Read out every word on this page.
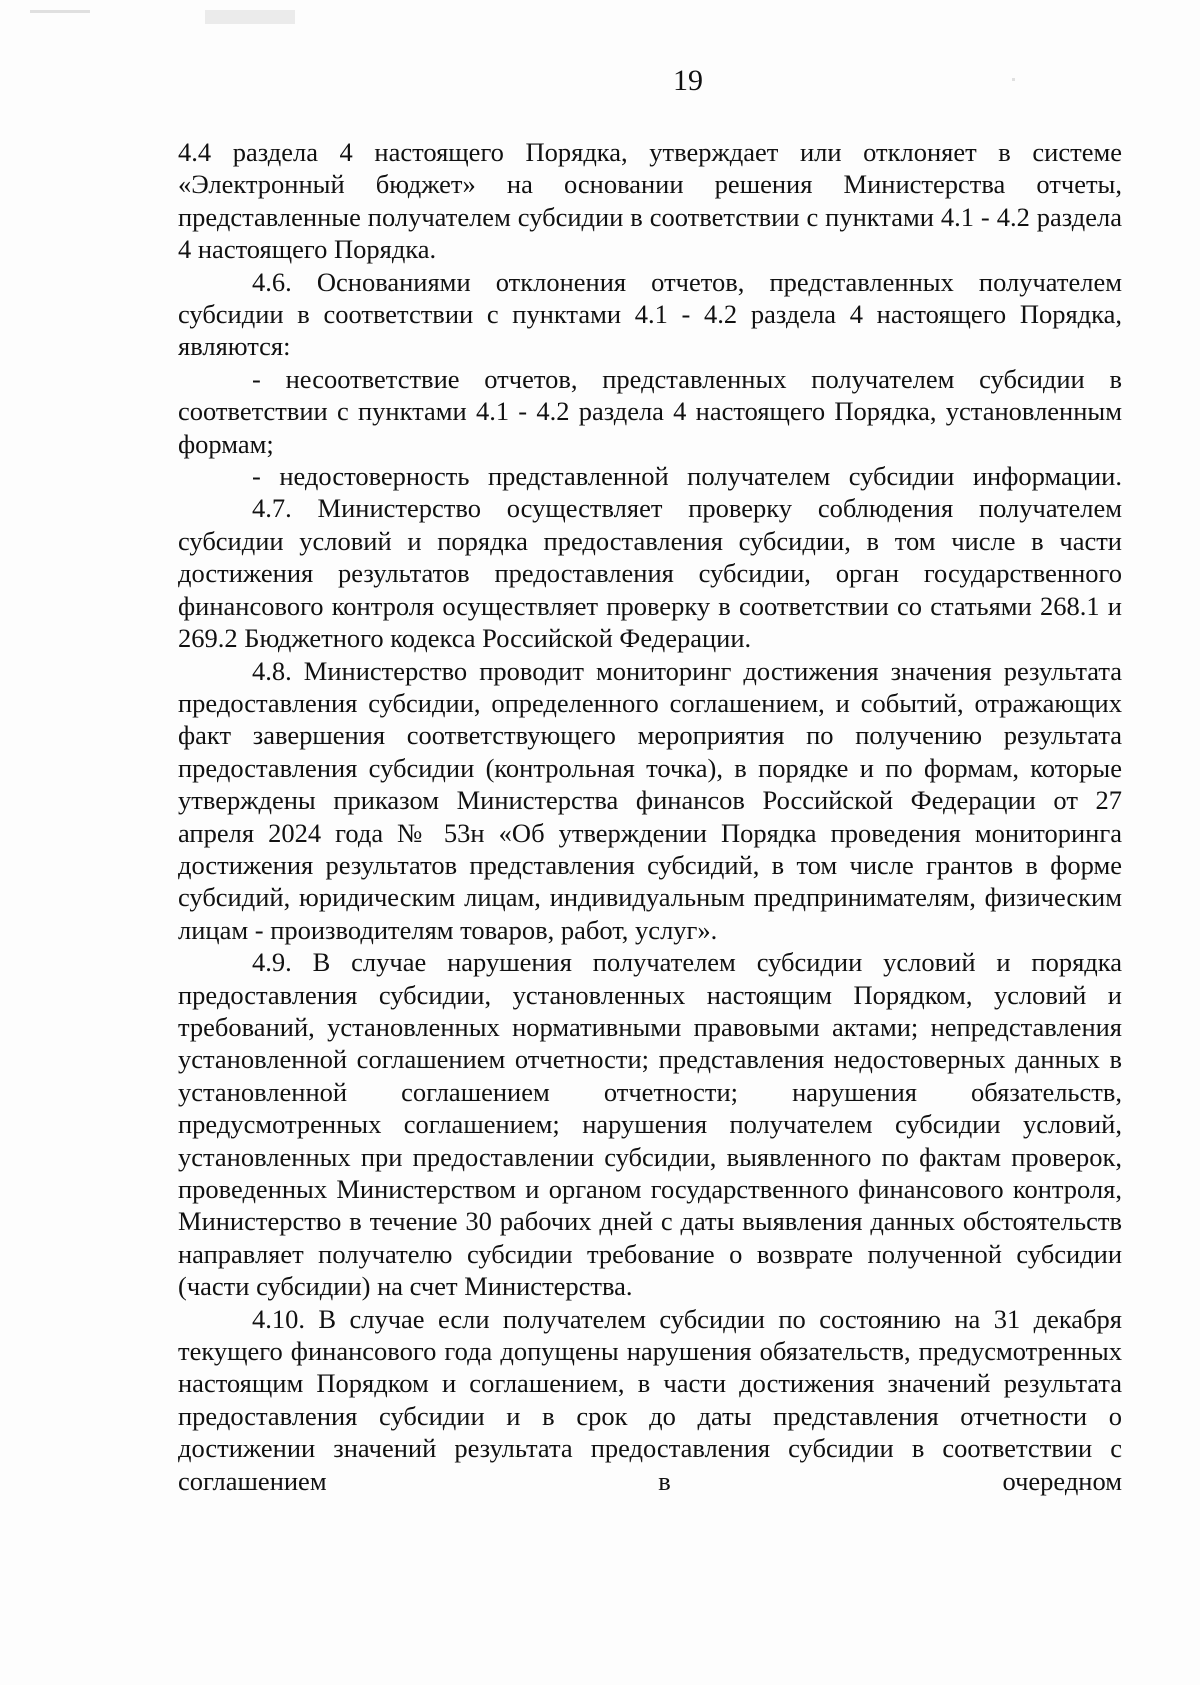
19

4.4 раздела 4 настоящего Порядка, утверждает или отклоняет в системе «Электронный бюджет» на основании решения Министерства отчеты, представленные получателем субсидии в соответствии с пунктами 4.1 - 4.2 раздела 4 настоящего Порядка.

4.6. Основаниями отклонения отчетов, представленных получателем субсидии в соответствии с пунктами 4.1 - 4.2 раздела 4 настоящего Порядка, являются:

- несоответствие отчетов, представленных получателем субсидии в соответствии с пунктами 4.1 - 4.2 раздела 4 настоящего Порядка, установленным формам;

- недостоверность представленной получателем субсидии информации.

4.7. Министерство осуществляет проверку соблюдения получателем субсидии условий и порядка предоставления субсидии, в том числе в части достижения результатов предоставления субсидии, орган государственного финансового контроля осуществляет проверку в соответствии со статьями 268.1 и 269.2 Бюджетного кодекса Российской Федерации.

4.8. Министерство проводит мониторинг достижения значения результата предоставления субсидии, определенного соглашением, и событий, отражающих факт завершения соответствующего мероприятия по получению результата предоставления субсидии (контрольная точка), в порядке и по формам, которые утверждены приказом Министерства финансов Российской Федерации от 27 апреля 2024 года № 53н «Об утверждении Порядка проведения мониторинга достижения результатов представления субсидий, в том числе грантов в форме субсидий, юридическим лицам, индивидуальным предпринимателям, физическим лицам - производителям товаров, работ, услуг».

4.9. В случае нарушения получателем субсидии условий и порядка предоставления субсидии, установленных настоящим Порядком, условий и требований, установленных нормативными правовыми актами; непредставления установленной соглашением отчетности; представления недостоверных данных в установленной соглашением отчетности; нарушения обязательств, предусмотренных соглашением; нарушения получателем субсидии условий, установленных при предоставлении субсидии, выявленного по фактам проверок, проведенных Министерством и органом государственного финансового контроля, Министерство в течение 30 рабочих дней с даты выявления данных обстоятельств направляет получателю субсидии требование о возврате полученной субсидии (части субсидии) на счет Министерства.

4.10. В случае если получателем субсидии по состоянию на 31 декабря текущего финансового года допущены нарушения обязательств, предусмотренных настоящим Порядком и соглашением, в части достижения значений результата предоставления субсидии и в срок до даты представления отчетности о достижении значений результата предоставления субсидии в соответствии с соглашением в очередном
